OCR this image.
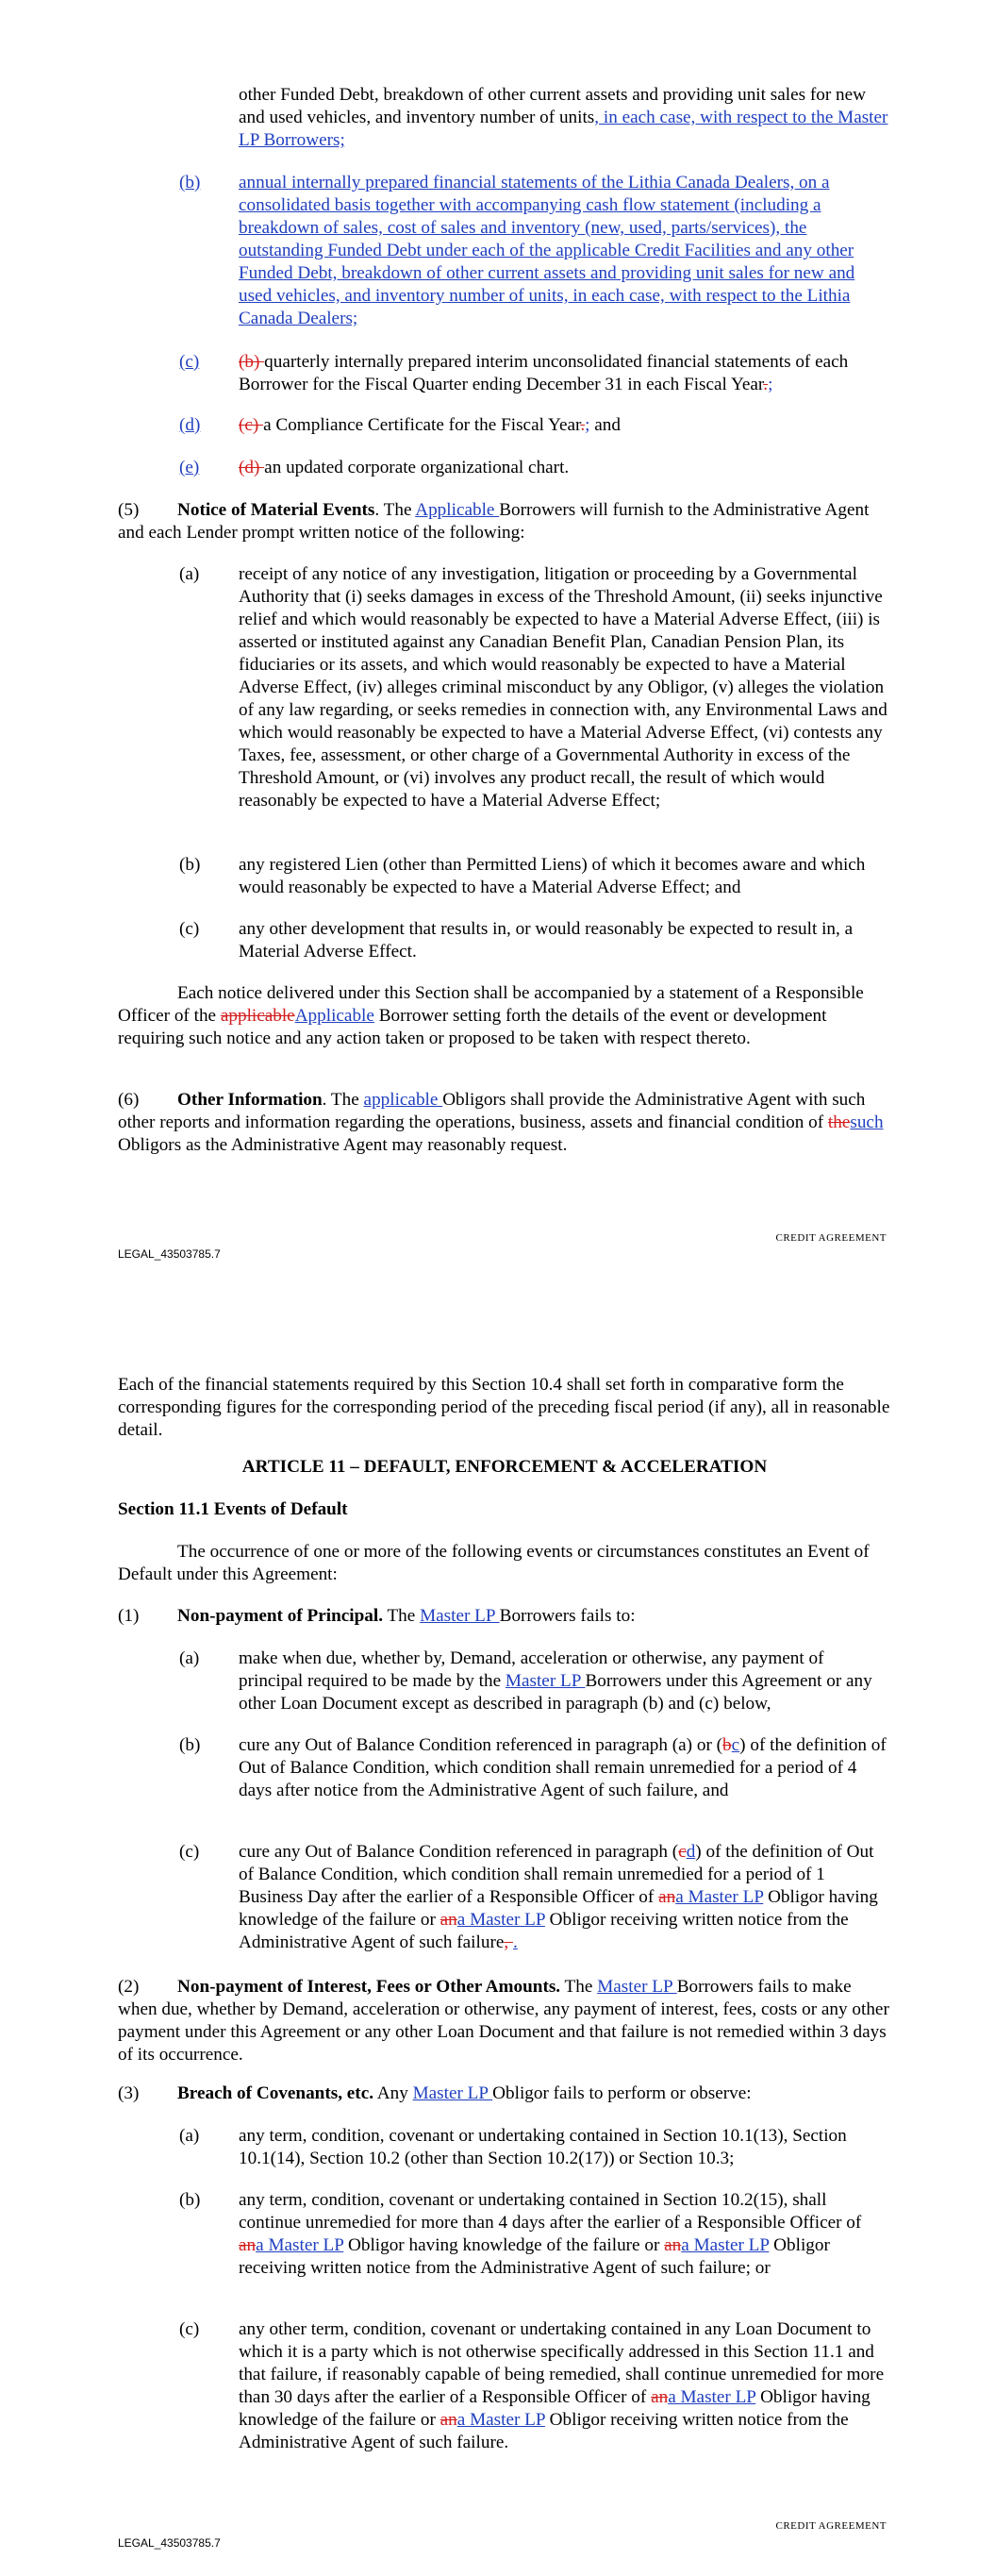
other Funded Debt, breakdown of other current assets and providing unit sales for new and used vehicles, and inventory number of units, in each case, with respect to the Master LP Borrowers;

(b) annual internally prepared financial statements of the Lithia Canada Dealers, on a consolidated basis together with accompanying cash flow statement (including a breakdown of sales, cost of sales and inventory (new, used, parts/services), the outstanding Funded Debt under each of the applicable Credit Facilities and any other Funded Debt, breakdown of other current assets and providing unit sales for new and used vehicles, and inventory number of units, in each case, with respect to the Lithia Canada Dealers;

(c) (b) quarterly internally prepared interim unconsolidated financial statements of each Borrower for the Fiscal Quarter ending December 31 in each Fiscal Year.;

(d) (c) a Compliance Certificate for the Fiscal Year.; and

(e) (d) an updated corporate organizational chart.

(5)	Notice of Material Events. The Applicable Borrowers will furnish to the Administrative Agent and each Lender prompt written notice of the following:

(a) receipt of any notice of any investigation, litigation or proceeding by a Governmental Authority that (i) seeks damages in excess of the Threshold Amount, (ii) seeks injunctive relief and which would reasonably be expected to have a Material Adverse Effect, (iii) is asserted or instituted against any Canadian Benefit Plan, Canadian Pension Plan, its fiduciaries or its assets, and which would reasonably be expected to have a Material Adverse Effect, (iv) alleges criminal misconduct by any Obligor, (v) alleges the violation of any law regarding, or seeks remedies in connection with, any Environmental Laws and which would reasonably be expected to have a Material Adverse Effect, (vi) contests any Taxes, fee, assessment, or other charge of a Governmental Authority in excess of the Threshold Amount, or (vi) involves any product recall, the result of which would reasonably be expected to have a Material Adverse Effect;

(b) any registered Lien (other than Permitted Liens) of which it becomes aware and which would reasonably be expected to have a Material Adverse Effect; and

(c) any other development that results in, or would reasonably be expected to result in, a Material Adverse Effect.

Each notice delivered under this Section shall be accompanied by a statement of a Responsible Officer of the applicableApplicable Borrower setting forth the details of the event or development requiring such notice and any action taken or proposed to be taken with respect thereto.

(6)	Other Information. The applicable Obligors shall provide the Administrative Agent with such other reports and information regarding the operations, business, assets and financial condition of thesuch Obligors as the Administrative Agent may reasonably request.

CREDIT AGREEMENT
LEGAL_43503785.7

Each of the financial statements required by this Section 10.4 shall set forth in comparative form the corresponding figures for the corresponding period of the preceding fiscal period (if any), all in reasonable detail.

ARTICLE 11 – DEFAULT, ENFORCEMENT & ACCELERATION

Section 11.1 Events of Default

The occurrence of one or more of the following events or circumstances constitutes an Event of Default under this Agreement:

(1) Non-payment of Principal. The Master LP Borrowers fails to:

(a) make when due, whether by, Demand, acceleration or otherwise, any payment of principal required to be made by the Master LP Borrowers under this Agreement or any other Loan Document except as described in paragraph (b) and (c) below,

(b) cure any Out of Balance Condition referenced in paragraph (a) or (bc) of the definition of Out of Balance Condition, which condition shall remain unremedied for a period of 4 days after notice from the Administrative Agent of such failure, and

(c) cure any Out of Balance Condition referenced in paragraph (cd) of the definition of Out of Balance Condition, which condition shall remain unremedied for a period of 1 Business Day after the earlier of a Responsible Officer of ana Master LP Obligor having knowledge of the failure or ana Master LP Obligor receiving written notice from the Administrative Agent of such failure, .

(2)	Non-payment of Interest, Fees or Other Amounts. The Master LP Borrowers fails to make when due, whether by Demand, acceleration or otherwise, any payment of interest, fees, costs or any other payment under this Agreement or any other Loan Document and that failure is not remedied within 3 days of its occurrence.

(3) Breach of Covenants, etc. Any Master LP Obligor fails to perform or observe:

(a) any term, condition, covenant or undertaking contained in Section 10.1(13), Section 10.1(14), Section 10.2 (other than Section 10.2(17)) or Section 10.3;

(b) any term, condition, covenant or undertaking contained in Section 10.2(15), shall continue unremedied for more than 4 days after the earlier of a Responsible Officer of ana Master LP Obligor having knowledge of the failure or ana Master LP Obligor receiving written notice from the Administrative Agent of such failure; or

(c) any other term, condition, covenant or undertaking contained in any Loan Document to which it is a party which is not otherwise specifically addressed in this Section 11.1 and that failure, if reasonably capable of being remedied, shall continue unremedied for more than 30 days after the earlier of a Responsible Officer of ana Master LP Obligor having knowledge of the failure or ana Master LP Obligor receiving written notice from the Administrative Agent of such failure.

CREDIT AGREEMENT
LEGAL_43503785.7
